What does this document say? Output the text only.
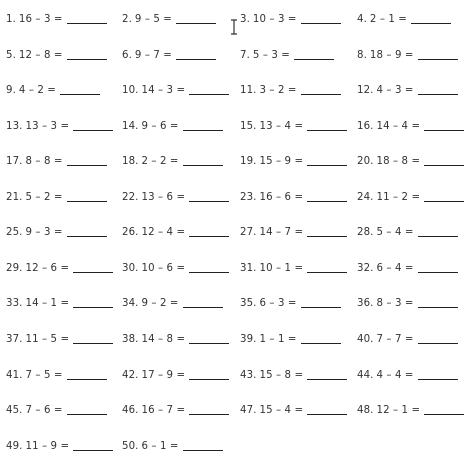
1. 16 – 3 =	2. 9 – 5 =	3. 10 – 3 =	4. 2 – 1 =
5. 12 – 8 =	6. 9 – 7 =	7. 5 – 3 =	8. 18 – 9 =
9. 4 – 2 =	10. 14 – 3 =	11. 3 – 2 =	12. 4 – 3 =
13. 13 – 3 =	14. 9 – 6 =	15. 13 – 4 =	16. 14 – 4 =
17. 8 – 8 =	18. 2 – 2 =	19. 15 – 9 =	20. 18 – 8 =
21. 5 – 2 =	22. 13 – 6 =	23. 16 – 6 =	24. 11 – 2 =
25. 9 – 3 =	26. 12 – 4 =	27. 14 – 7 =	28. 5 – 4 =
29. 12 – 6 =	30. 10 – 6 =	31. 10 – 1 =	32. 6 – 4 =
33. 14 – 1 =	34. 9 – 2 =	35. 6 – 3 =	36. 8 – 3 =
37. 11 – 5 =	38. 14 – 8 =	39. 1 – 1 =	40. 7 – 7 =
41. 7 – 5 =	42. 17 – 9 =	43. 15 – 8 =	44. 4 – 4 =
45. 7 – 6 =	46. 16 – 7 =	47. 15 – 4 =	48. 12 – 1 =
49. 11 – 9 =	50. 6 – 1 =
